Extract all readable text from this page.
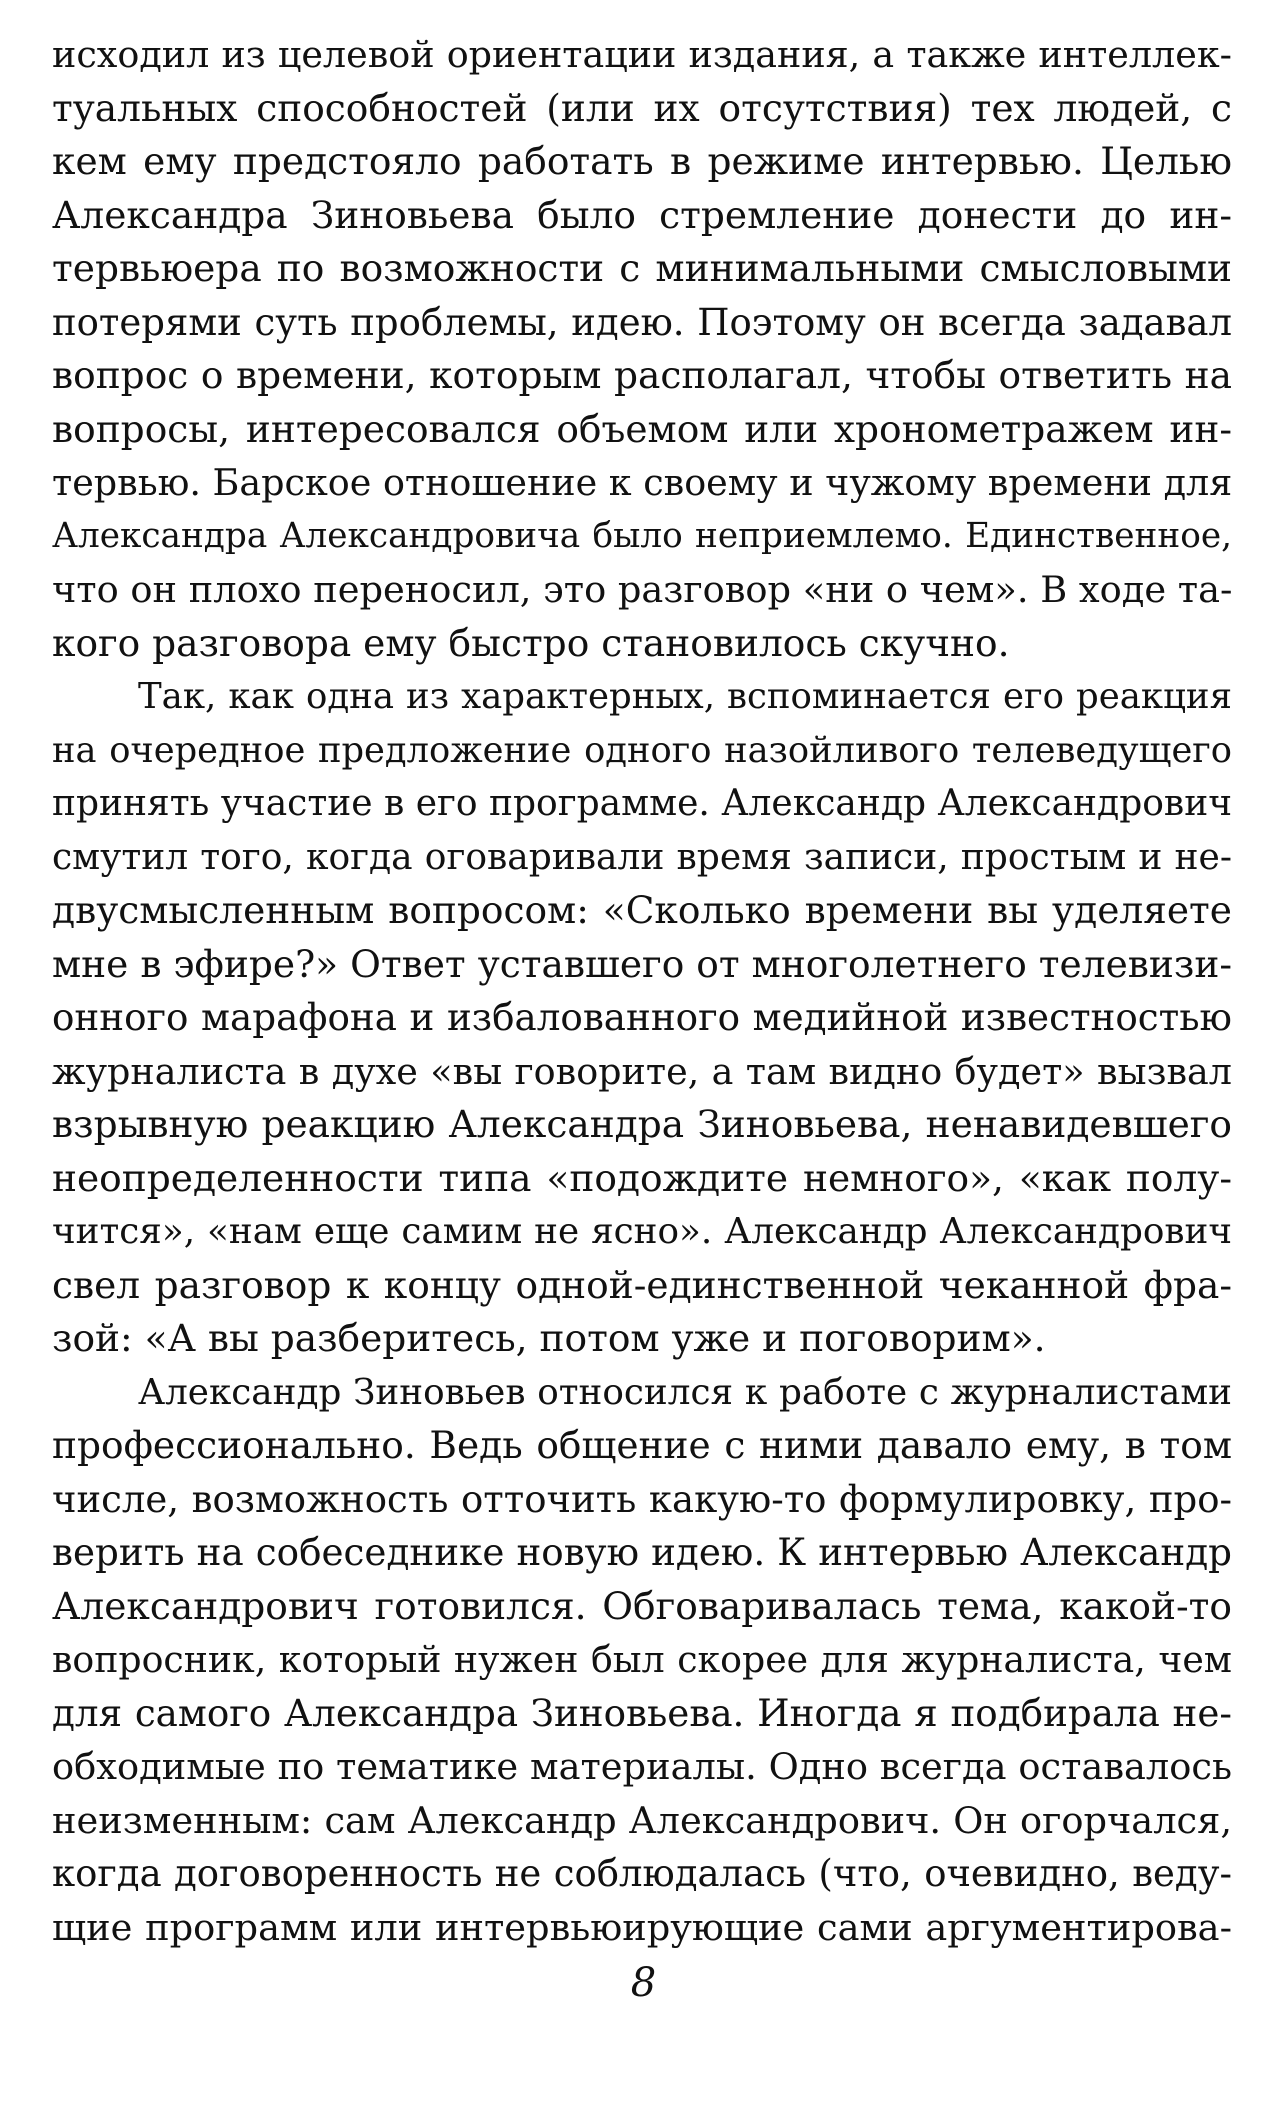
исходил из целевой ориентации издания, а также интеллек-
туальных способностей (или их отсутствия) тех людей, с
кем ему предстояло работать в режиме интервью. Целью
Александра Зиновьева было стремление донести до ин-
тервьюера по возможности с минимальными смысловыми
потерями суть проблемы, идею. Поэтому он всегда задавал
вопрос о времени, которым располагал, чтобы ответить на
вопросы, интересовался объемом или хронометражем ин-
тервью. Барское отношение к своему и чужому времени для
Александра Александровича было неприемлемо. Единственное,
что он плохо переносил, это разговор «ни о чем». В ходе та-
кого разговора ему быстро становилось скучно.
Так, как одна из характерных, вспоминается его реакция
на очередное предложение одного назойливого телеведущего
принять участие в его программе. Александр Александрович
смутил того, когда оговаривали время записи, простым и не-
двусмысленным вопросом: «Сколько времени вы уделяете
мне в эфире?» Ответ уставшего от многолетнего телевизи-
онного марафона и избалованного медийной известностью
журналиста в духе «вы говорите, а там видно будет» вызвал
взрывную реакцию Александра Зиновьева, ненавидевшего
неопределенности типа «подождите немного», «как полу-
чится», «нам еще самим не ясно». Александр Александрович
свел разговор к концу одной-единственной чеканной фра-
зой: «А вы разберитесь, потом уже и поговорим».
Александр Зиновьев относился к работе с журналистами
профессионально. Ведь общение с ними давало ему, в том
числе, возможность отточить какую-то формулировку, про-
верить на собеседнике новую идею. К интервью Александр
Александрович готовился. Обговаривалась тема, какой-то
вопросник, который нужен был скорее для журналиста, чем
для самого Александра Зиновьева. Иногда я подбирала не-
обходимые по тематике материалы. Одно всегда оставалось
неизменным: сам Александр Александрович. Он огорчался,
когда договоренность не соблюдалась (что, очевидно, веду-
щие программ или интервьюирующие сами аргументирова-
8
